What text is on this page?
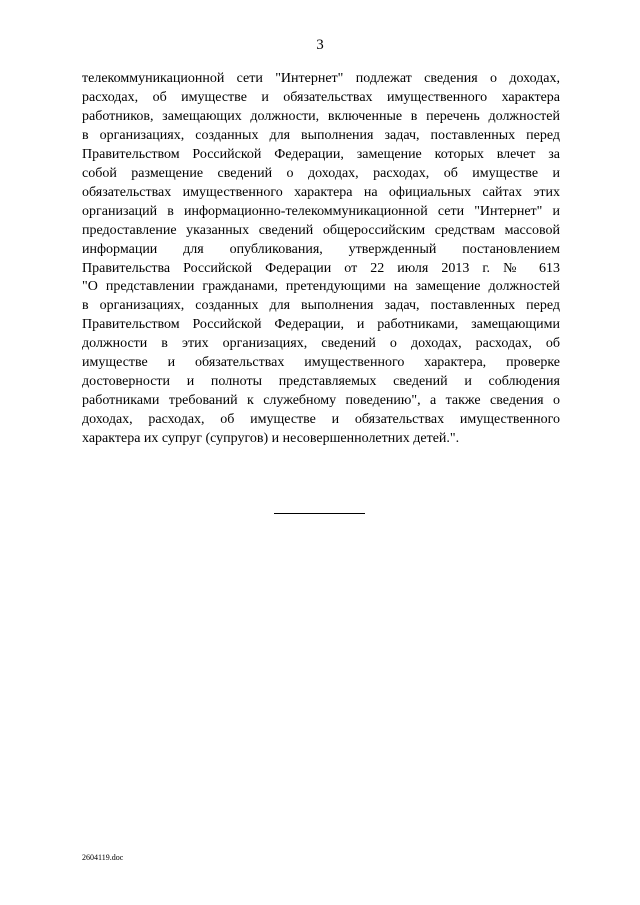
3
телекоммуникационной сети "Интернет" подлежат сведения о доходах,
расходах, об имуществе и обязательствах имущественного характера
работников, замещающих должности, включенные в перечень должностей
в организациях, созданных для выполнения задач, поставленных перед
Правительством Российской Федерации, замещение которых влечет за
собой размещение сведений о доходах, расходах, об имуществе и
обязательствах имущественного характера на официальных сайтах этих
организаций в информационно-телекоммуникационной сети "Интернет" и
предоставление указанных сведений общероссийским средствам массовой
информации для опубликования, утвержденный постановлением
Правительства Российской Федерации от 22 июля 2013 г. № 613
"О представлении гражданами, претендующими на замещение должностей
в организациях, созданных для выполнения задач, поставленных перед
Правительством Российской Федерации, и работниками, замещающими
должности в этих организациях, сведений о доходах, расходах, об
имуществе и обязательствах имущественного характера, проверке
достоверности и полноты представляемых сведений и соблюдения
работниками требований к служебному поведению", а также сведения о
доходах, расходах, об имуществе и обязательствах имущественного
характера их супруг (супругов) и несовершеннолетних детей.".
2604119.doc
